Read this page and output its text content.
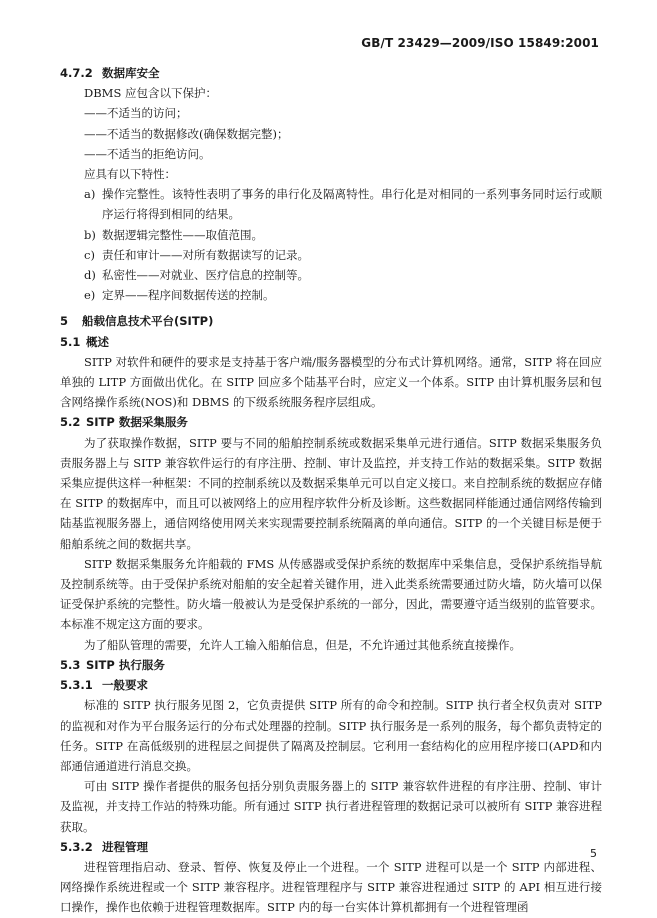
GB/T 23429—2009/ISO 15849:2001

4.7.2 数据库安全

DBMS 应包含以下保护：

——不适当的访问；

——不适当的数据修改(确保数据完整)；

——不适当的拒绝访问。

应具有以下特性：

a) 操作完整性。该特性表明了事务的串行化及隔离特性。串行化是对相同的一系列事务同时运行或顺序运行将得到相同的结果。

b) 数据逻辑完整性——取值范围。

c) 责任和审计——对所有数据读写的记录。

d) 私密性——对就业、医疗信息的控制等。

e) 定界——程序间数据传送的控制。

5 船载信息技术平台(SITP)

5.1 概述

SITP 对软件和硬件的要求是支持基于客户端/服务器模型的分布式计算机网络。通常，SITP 将在回应单独的 LITP 方面做出优化。在 SITP 回应多个陆基平台时，应定义一个体系。SITP 由计算机服务层和包含网络操作系统(NOS)和 DBMS 的下级系统服务程序层组成。

5.2 SITP 数据采集服务

为了获取操作数据，SITP 要与不同的船舶控制系统或数据采集单元进行通信。SITP 数据采集服务负责服务器上与 SITP 兼容软件运行的有序注册、控制、审计及监控，并支持工作站的数据采集。SITP 数据采集应提供这样一种框架：不同的控制系统以及数据采集单元可以自定义接口。来自控制系统的数据应存储在 SITP 的数据库中，而且可以被网络上的应用程序软件分析及诊断。这些数据同样能通过通信网络传输到陆基监视服务器上，通信网络使用网关来实现需要控制系统隔离的单向通信。SITP 的一个关键目标是便于船舶系统之间的数据共享。

SITP 数据采集服务允许船载的 FMS 从传感器或受保护系统的数据库中采集信息，受保护系统指导航及控制系统等。由于受保护系统对船舶的安全起着关键作用，进入此类系统需要通过防火墙，防火墙可以保证受保护系统的完整性。防火墙一般被认为是受保护系统的一部分，因此，需要遵守适当级别的监管要求。本标准不规定这方面的要求。

为了船队管理的需要，允许人工输入船舶信息，但是，不允许通过其他系统直接操作。

5.3 SITP 执行服务

5.3.1 一般要求

标准的 SITP 执行服务见图 2，它负责提供 SITP 所有的命令和控制。SITP 执行者全权负责对 SITP 的监视和对作为平台服务运行的分布式处理器的控制。SITP 执行服务是一系列的服务，每个都负责特定的任务。SITP 在高低级别的进程层之间提供了隔离及控制层。它利用一套结构化的应用程序接口(APD和内部通信通道进行消息交换。

可由 SITP 操作者提供的服务包括分别负责服务器上的 SITP 兼容软件进程的有序注册、控制、审计及监视，并支持工作站的特殊功能。所有通过 SITP 执行者进程管理的数据记录可以被所有 SITP 兼容进程获取。

5.3.2 进程管理

进程管理指启动、登录、暂停、恢复及停止一个进程。一个 SITP 进程可以是一个 SITP 内部进程、网络操作系统进程或一个 SITP 兼容程序。进程管理程序与 SITP 兼容进程通过 SITP 的 API 相互进行接口操作，操作也依赖于进程管理数据库。SITP 内的每一台实体计算机都拥有一个进程管理函

5
